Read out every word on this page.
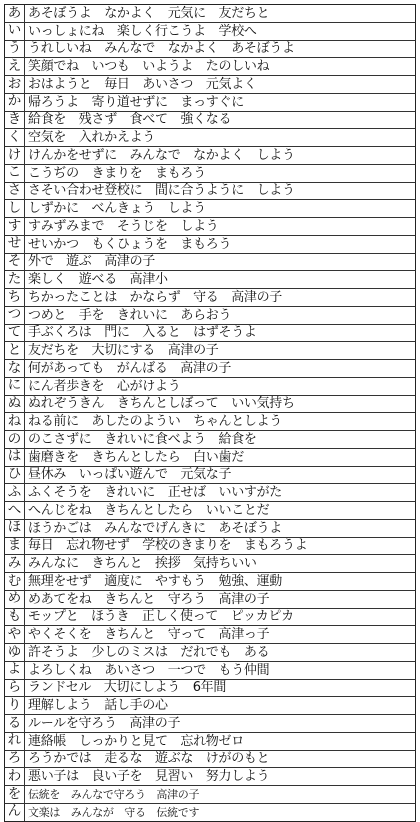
あ あそぼうよ　なかよく　元気に　友だちと
い いっしょにね　楽しく行こうよ　学校へ
う うれしいね　みんなで　なかよく　あそぼうよ
え 笑顔でね　いつも　いようよ　たのしいね
お おはようと　毎日　あいさつ　元気よく
か 帰ろうよ　寄り道せずに　まっすぐに
き 給食を　残さず　食べて　強くなる
く 空気を　入れかえよう
け けんかをせずに　みんなで　なかよく　しよう
こ こうぢの　きまりを　まもろう
さ さそい合わせ登校に　間に合うように　しよう
し しずかに　べんきょう　しよう
す すみずみまで　そうじを　しよう
せ せいかつ　もくひょうを　まもろう
そ 外で　遊ぶ　高津の子
た 楽しく　遊べる　高津小
ち ちかったことは　かならず　守る　高津の子
つ つめと　手を　きれいに　あらおう
て 手ぶくろは　門に　入ると　はずそうよ
と 友だちを　大切にする　高津の子
な 何があっても　がんばる　高津の子
に にん者歩きを　心がけよう
ぬ ぬれぞうきん　きちんとしぼって　いい気持ち
ね ねる前に　あしたのようい　ちゃんとしよう
の のこさずに　きれいに食べよう　給食を
は 歯磨きを　きちんとしたら　白い歯だ
ひ 昼休み　いっぱい遊んで　元気な子
ふ ふくそうを　きれいに　正せば　いいすがた
へ へんじをね　きちんとしたら　いいことだ
ほ ほうかごは　みんなでげんきに　あそぼうよ
ま 毎日　忘れ物せず　学校のきまりを　まもろうよ
み みんなに　きちんと　挨拶　気持ちいい
む 無理をせず　適度に　やすもう　勉強、運動
め めあてをね　きちんと　守ろう　高津の子
も モップと　ほうき　正しく使って　ピッカピカ
や やくそくを　きちんと　守って　高津っ子
ゆ 許そうよ　少しのミスは　だれでも　ある
よ よろしくね　あいさつ　一つで　もう仲間
ら ランドセル　大切にしよう　6年間
り 理解しよう　話し手の心
る ルールを守ろう　高津の子
れ 連絡帳　しっかりと見て　忘れ物ゼロ
ろ ろうかでは　走るな　遊ぶな　けがのもと
わ 悪い子は　良い子を　見習い　努力しよう
を 伝統を　みんなで守ろう　高津の子
ん 文楽は　みんなが　守る　伝統です
